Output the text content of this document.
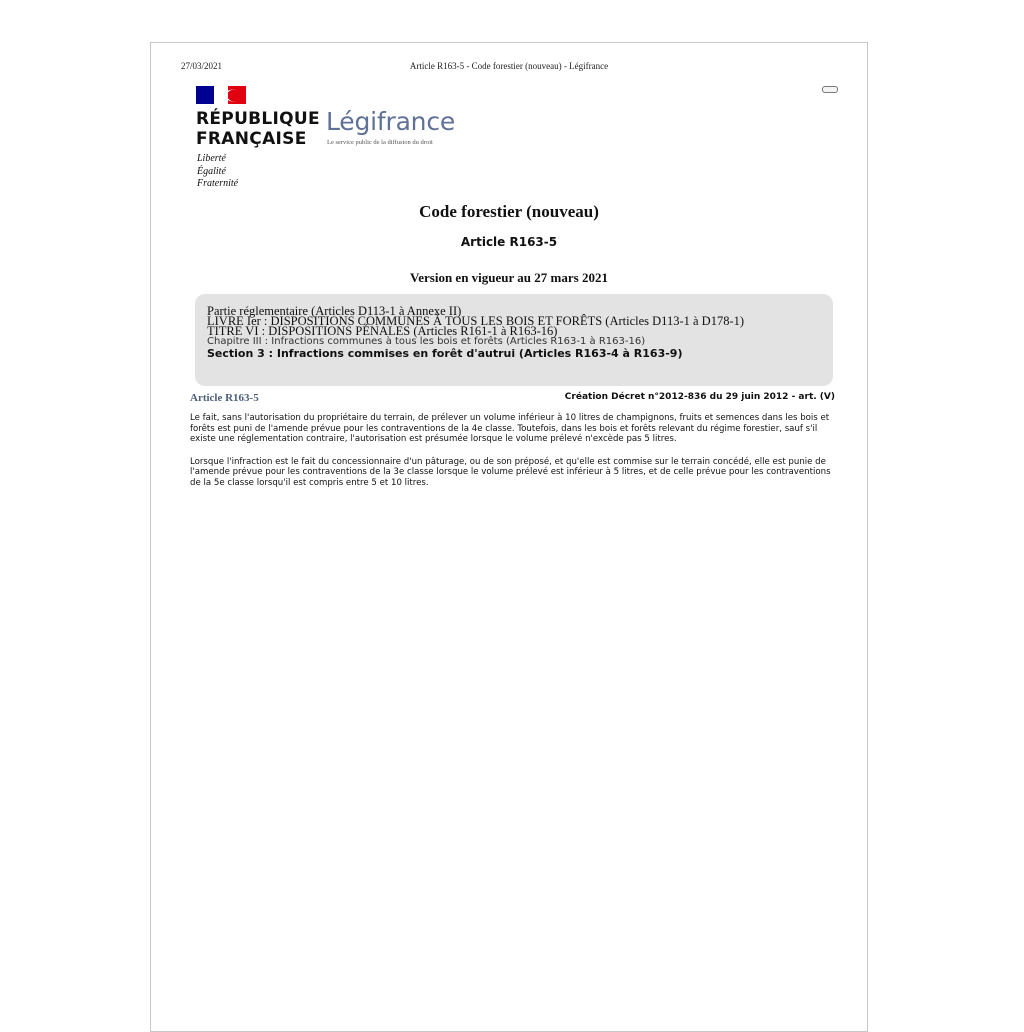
27/03/2021	Article R163-5 - Code forestier (nouveau) - Légifrance
RÉPUBLIQUE
FRANÇAISE
Liberté
Égalité
Fraternité
Légifrance
Le service public de la diffusion du droit
Code forestier (nouveau)
Article R163-5
Version en vigueur au 27 mars 2021
Partie réglementaire (Articles D113-1 à Annexe II)
LIVRE Ier : DISPOSITIONS COMMUNES À TOUS LES BOIS ET FORÊTS (Articles D113-1 à D178-1)
TITRE VI : DISPOSITIONS PÉNALES (Articles R161-1 à R163-16)
Chapitre III : Infractions communes à tous les bois et forêts (Articles R163-1 à R163-16)
Section 3 : Infractions commises en forêt d'autrui (Articles R163-4 à R163-9)
Article R163-5	Création Décret n°2012-836 du 29 juin 2012 - art. (V)

Le fait, sans l'autorisation du propriétaire du terrain, de prélever un volume inférieur à 10 litres de champignons, fruits et semences dans les bois et forêts est puni de l'amende prévue pour les contraventions de la 4e classe. Toutefois, dans les bois et forêts relevant du régime forestier, sauf s'il existe une réglementation contraire, l'autorisation est présumée lorsque le volume prélevé n'excède pas 5 litres.

Lorsque l'infraction est le fait du concessionnaire d'un pâturage, ou de son préposé, et qu'elle est commise sur le terrain concédé, elle est punie de l'amende prévue pour les contraventions de la 3e classe lorsque le volume prélevé est inférieur à 5 litres, et de celle prévue pour les contraventions de la 5e classe lorsqu'il est compris entre 5 et 10 litres.
